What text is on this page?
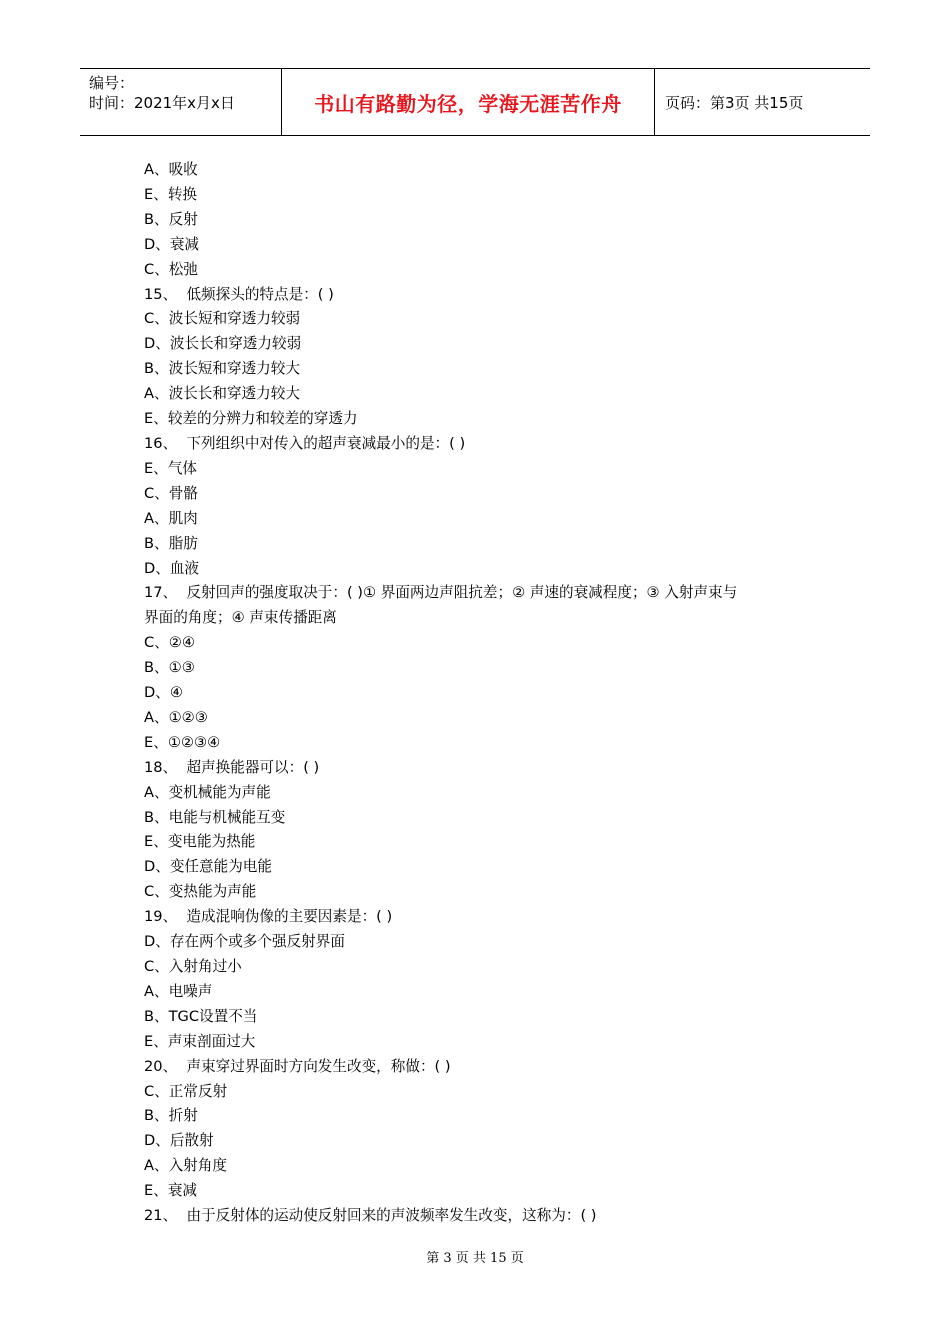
编号：
时间：2021年x月x日	书山有路勤为径，学海无涯苦作舟	页码：第3页 共15页
A、吸收
E、转换
B、反射
D、衰减
C、松弛
15、  低频探头的特点是：( )
C、波长短和穿透力较弱
D、波长长和穿透力较弱
B、波长短和穿透力较大
A、波长长和穿透力较大
E、较差的分辨力和较差的穿透力
16、  下列组织中对传入的超声衰减最小的是：( )
E、气体
C、骨骼
A、肌肉
B、脂肪
D、血液
17、  反射回声的强度取决于：( )① 界面两边声阻抗差；② 声速的衰减程度；③ 入射声束与
界面的角度；④ 声束传播距离
C、②④
B、①③
D、④
A、①②③
E、①②③④
18、  超声换能器可以：( )
A、变机械能为声能
B、电能与机械能互变
E、变电能为热能
D、变任意能为电能
C、变热能为声能
19、  造成混响伪像的主要因素是：( )
D、存在两个或多个强反射界面
C、入射角过小
A、电噪声
B、TGC设置不当
E、声束剖面过大
20、  声束穿过界面时方向发生改变，称做：( )
C、正常反射
B、折射
D、后散射
A、入射角度
E、衰减
21、  由于反射体的运动使反射回来的声波频率发生改变，这称为：( )
第 3 页 共 15 页
